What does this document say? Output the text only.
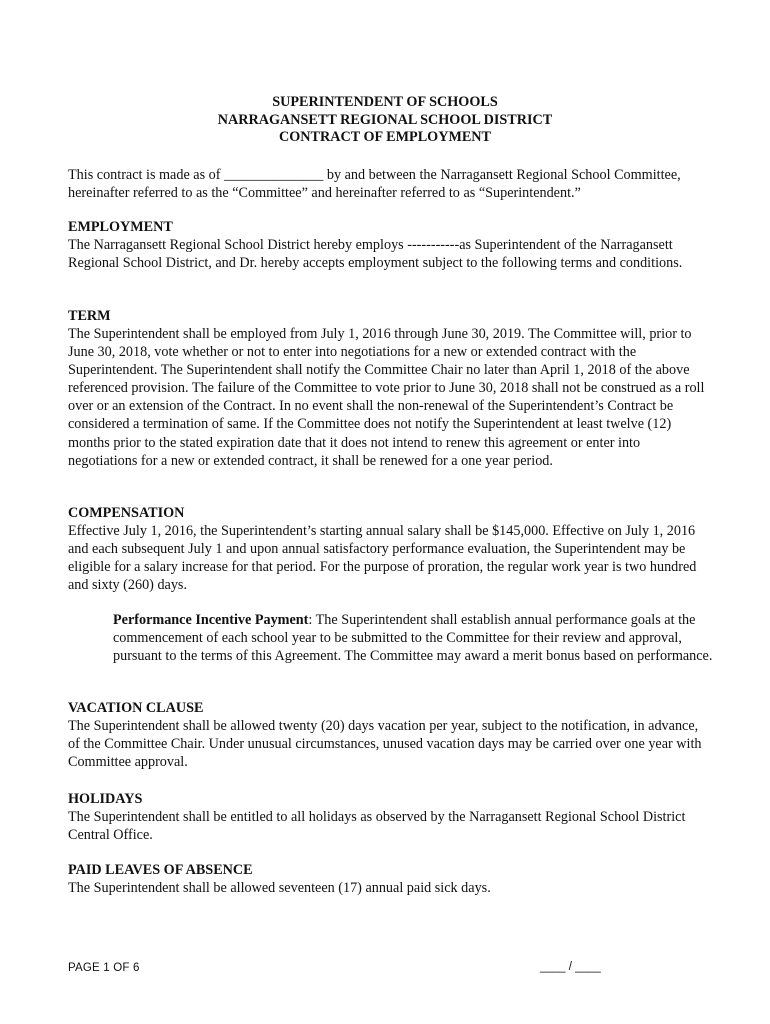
SUPERINTENDENT OF SCHOOLS
NARRAGANSETT REGIONAL SCHOOL DISTRICT
CONTRACT OF EMPLOYMENT
This contract is made as of ______________ by and between the Narragansett Regional School Committee, hereinafter referred to as the “Committee” and hereinafter referred to as “Superintendent.”
EMPLOYMENT
The Narragansett Regional School District hereby employs -----------as Superintendent of the Narragansett Regional School District, and Dr. hereby accepts employment subject to the following terms and conditions.
TERM
The Superintendent shall be employed from July 1, 2016 through June 30, 2019. The Committee will, prior to June 30, 2018, vote whether or not to enter into negotiations for a new or extended contract with the Superintendent. The Superintendent shall notify the Committee Chair no later than April 1, 2018 of the above referenced provision. The failure of the Committee to vote prior to June 30, 2018 shall not be construed as a roll over or an extension of the Contract. In no event shall the non-renewal of the Superintendent’s Contract be considered a termination of same. If the Committee does not notify the Superintendent at least twelve (12) months prior to the stated expiration date that it does not intend to renew this agreement or enter into negotiations for a new or extended contract, it shall be renewed for a one year period.
COMPENSATION
Effective July 1, 2016, the Superintendent’s starting annual salary shall be $145,000. Effective on July 1, 2016 and each subsequent July 1 and upon annual satisfactory performance evaluation, the Superintendent may be eligible for a salary increase for that period. For the purpose of proration, the regular work year is two hundred and sixty (260) days.
Performance Incentive Payment: The Superintendent shall establish annual performance goals at the commencement of each school year to be submitted to the Committee for their review and approval, pursuant to the terms of this Agreement. The Committee may award a merit bonus based on performance.
VACATION CLAUSE
The Superintendent shall be allowed twenty (20) days vacation per year, subject to the notification, in advance, of the Committee Chair. Under unusual circumstances, unused vacation days may be carried over one year with Committee approval.
HOLIDAYS
The Superintendent shall be entitled to all holidays as observed by the Narragansett Regional School District Central Office.
PAID LEAVES OF ABSENCE
The Superintendent shall be allowed seventeen (17) annual paid sick days.
PAGE 1 OF 6	____ / ____
